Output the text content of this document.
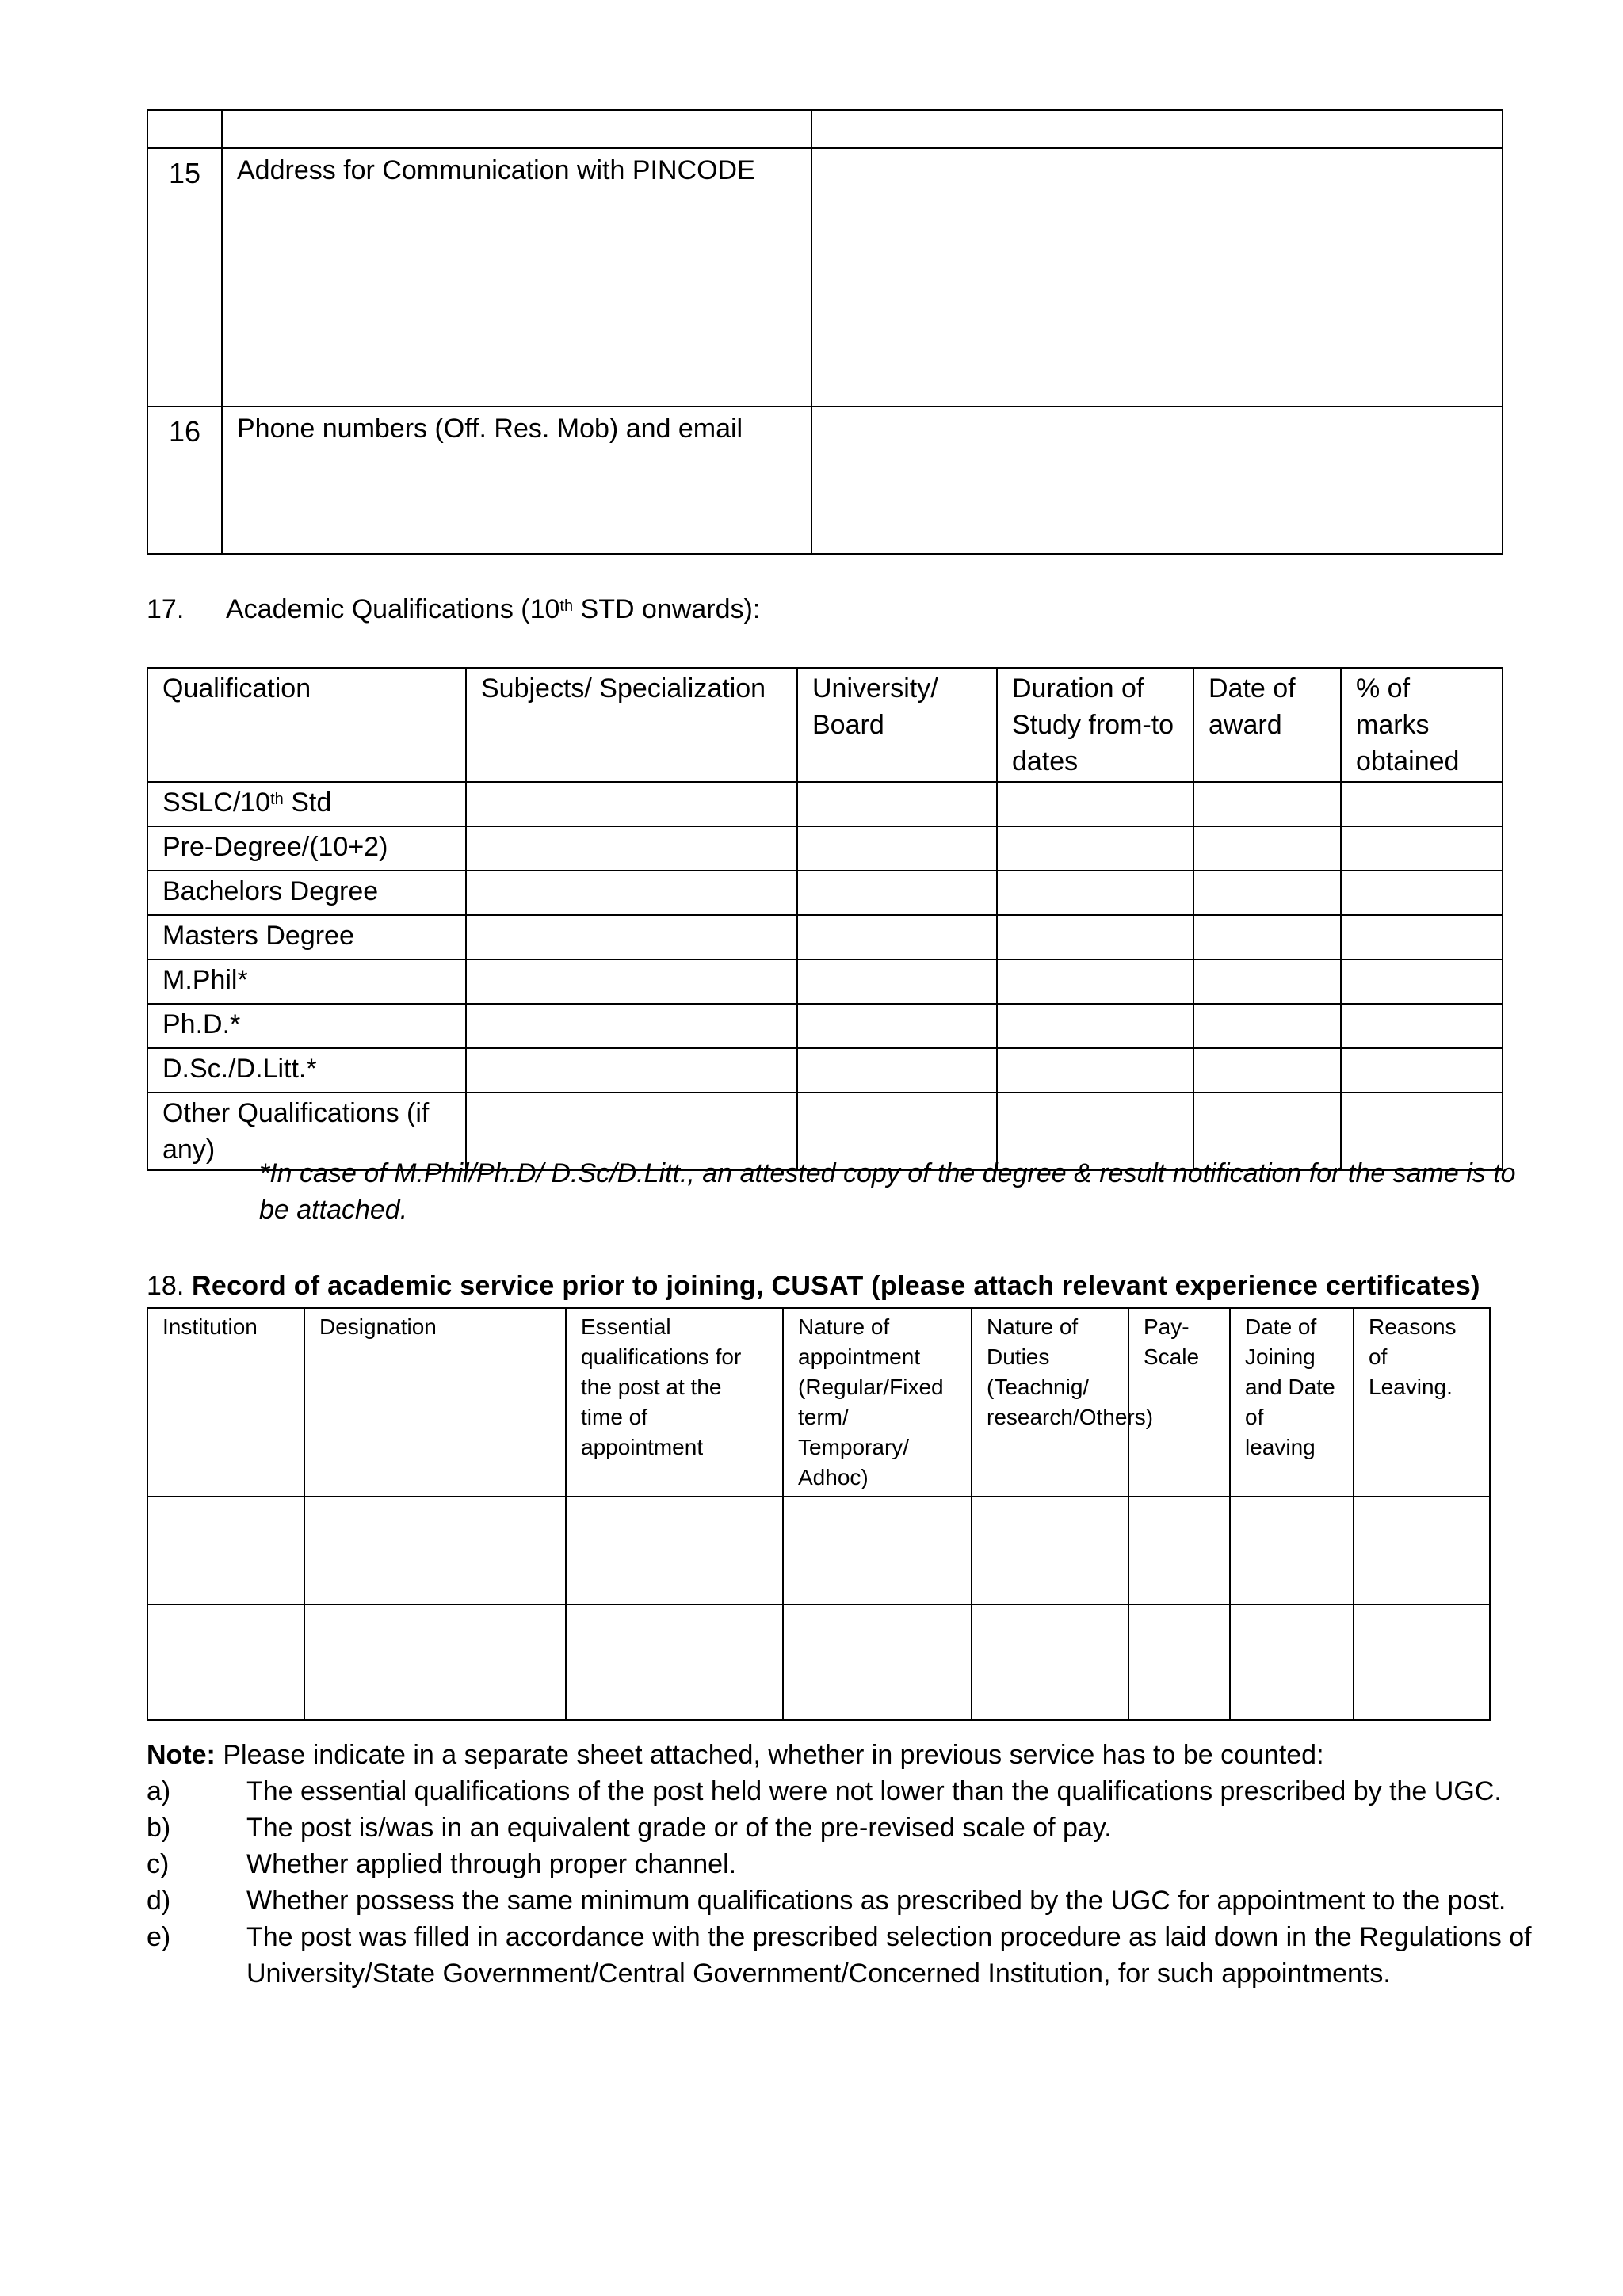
15	Address for Communication with PINCODE	
16	Phone numbers (Off. Res. Mob) and email	
17. Academic Qualifications (10th STD onwards):
Qualification	Subjects/ Specialization	University/ Board	Duration of Study from-to dates	Date of award	% of marks obtained
SSLC/10th Std					
Pre-Degree/(10+2)					
Bachelors Degree					
Masters Degree					
M.Phil*					
Ph.D.*					
D.Sc./D.Litt.*					
Other Qualifications (if any)					
*In case of M.Phil/Ph.D/ D.Sc/D.Litt., an attested copy of the degree & result notification for the same is to be attached.
18. Record of academic service prior to joining, CUSAT (please attach relevant experience certificates)
Institution	Designation	Essential qualifications for the post at the time of appointment	Nature of appointment (Regular/Fixed term/ Temporary/ Adhoc)	Nature of Duties (Teachnig/ research/Others)	Pay-Scale	Date of Joining and Date of leaving	Reasons of Leaving.

Note: Please indicate in a separate sheet attached, whether in previous service has to be counted:
a)	The essential qualifications of the post held were not lower than the qualifications prescribed by the UGC.
b)	The post is/was in an equivalent grade or of the pre-revised scale of pay.
c)	Whether applied through proper channel.
d)	Whether possess the same minimum qualifications as prescribed by the UGC for appointment to the post.
e)	The post was filled in accordance with the prescribed selection procedure as laid down in the Regulations of University/State Government/Central Government/Concerned Institution, for such appointments.
